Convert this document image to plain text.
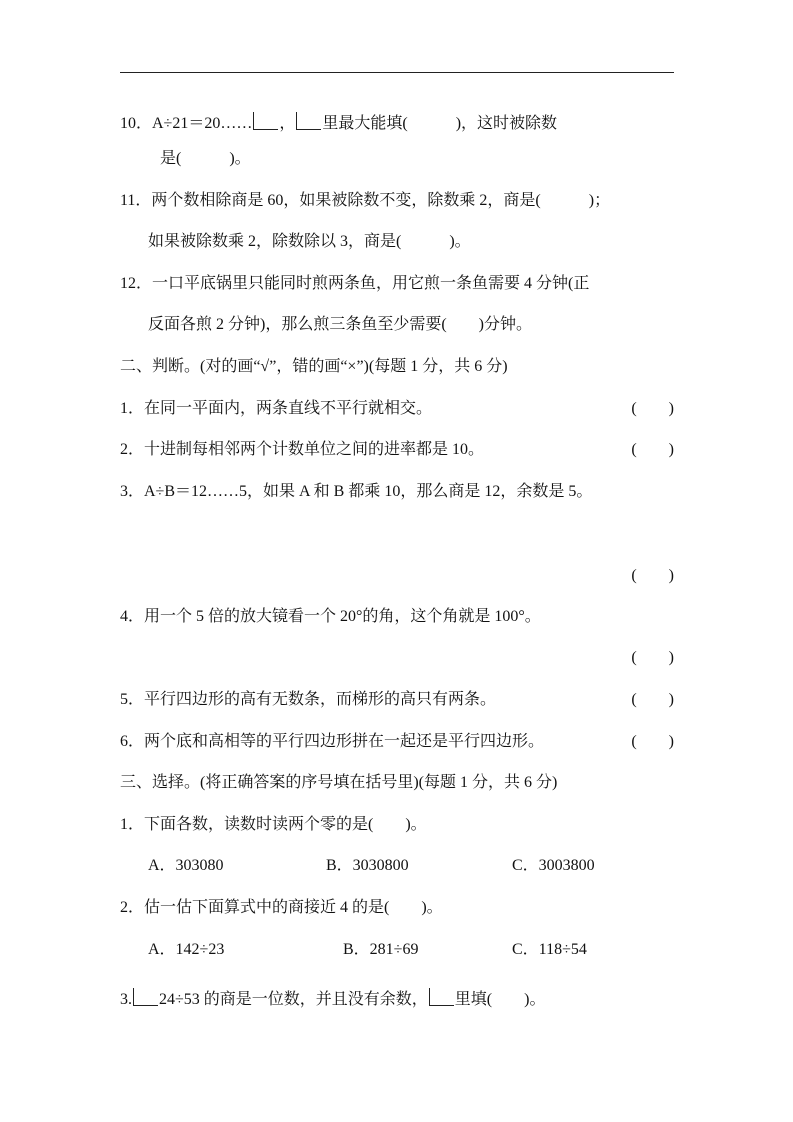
10．A÷21＝20…… ， 里最大能填(　　　)，这时被除数
是(　　　)。
11．两个数相除商是 60，如果被除数不变，除数乘 2，商是(　　　)；
如果被除数乘 2，除数除以 3，商是(　　　)。
12．一口平底锅里只能同时煎两条鱼，用它煎一条鱼需要 4 分钟(正
反面各煎 2 分钟)，那么煎三条鱼至少需要(　　)分钟。
二、判断。(对的画“√”，错的画“×”)(每题 1 分，共 6 分)
1．在同一平面内，两条直线不平行就相交。	(　　)
2．十进制每相邻两个计数单位之间的进率都是 10。	(　　)
3．A÷B＝12……5，如果 A 和 B 都乘 10，那么商是 12，余数是 5。
(　　)
4．用一个 5 倍的放大镜看一个 20°的角，这个角就是 100°。
(　　)
5．平行四边形的高有无数条，而梯形的高只有两条。	(　　)
6．两个底和高相等的平行四边形拼在一起还是平行四边形。	(　　)
三、选择。(将正确答案的序号填在括号里)(每题 1 分，共 6 分)
1．下面各数，读数时读两个零的是(　　)。
A．303080	B．3030800	C．3003800
2．估一估下面算式中的商接近 4 的是(　　)。
A．142÷23	B．281÷69	C．118÷54
3. 24÷53 的商是一位数，并且没有余数， 里填(　　)。
